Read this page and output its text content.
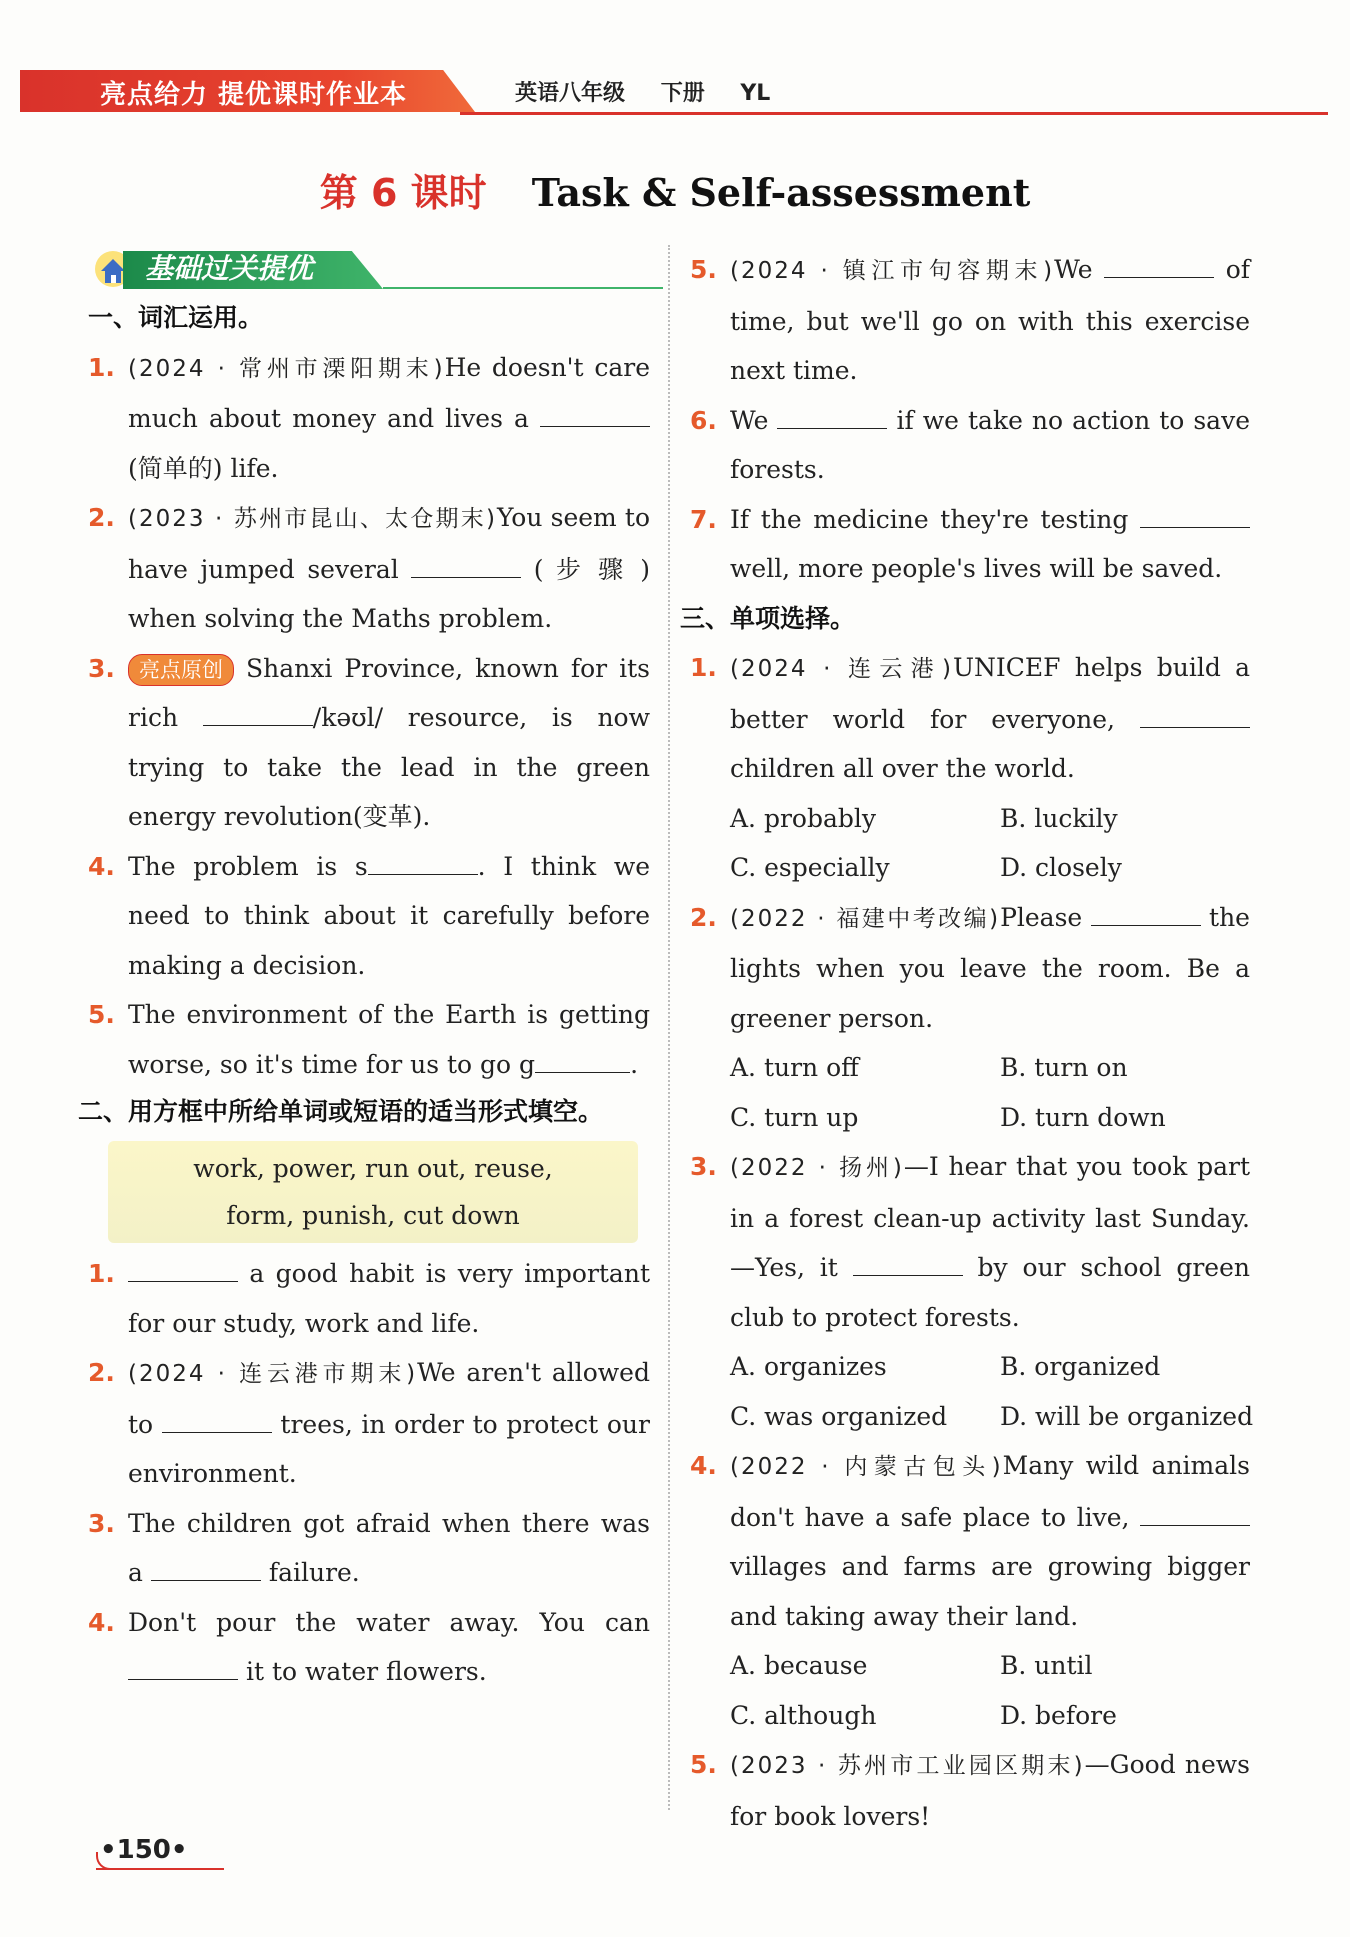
亮点给力 提优课时作业本	英语八年级 下册 YL
第 6 课时 Task & Self-assessment
基础过关提优
一、词汇运用。
1. (2024 · 常州市溧阳期末)He doesn't care much about money and lives a (简单的) life.
2. (2023 · 苏州市昆山、太仓期末)You seem to have jumped several	( 步 骤 ) when solving the Maths problem.
3. 亮点原创 Shanxi Province, known for its rich	/kəʊl/ resource, is now trying to take the lead in the green energy revolution(变革).
4. The problem is s	. I think we need to think about it carefully before making a decision.
5. The environment of the Earth is getting worse, so it's time for us to go g	.
二、用方框中所给单词或短语的适当形式填空。
work, power, run out, reuse,
form, punish, cut down
1.	a good habit is very important for our study, work and life.
2. (2024 · 连云港市期末)We aren't allowed to	trees, in order to protect our environment.
3. The children got afraid when there was a	failure.
4. Don't pour the water away. You can  it to water flowers.
5. (2024 · 镇江市句容期末)We	of time, but we'll go on with this exercise next time.
6. We	if we take no action to save forests.
7. If the medicine they're testing  well, more people's lives will be saved.
三、单项选择。
1. (2024 · 连云港)UNICEF helps build a better world for everyone,  children all over the world.
A. probably	B. luckily
C. especially	D. closely
2. (2022 · 福建中考改编)Please	the lights when you leave the room. Be a greener person.
A. turn off	B. turn on
C. turn up	D. turn down
3. (2022 · 扬州)—I hear that you took part in a forest clean-up activity last Sunday. —Yes, it	by our school green club to protect forests.
A. organizes	B. organized
C. was organized	D. will be organized
4. (2022 · 内蒙古包头)Many wild animals don't have a safe place to live,  villages and farms are growing bigger and taking away their land.
A. because	B. until
C. although	D. before
5. (2023 · 苏州市工业园区期末)—Good news for book lovers!
•150•
